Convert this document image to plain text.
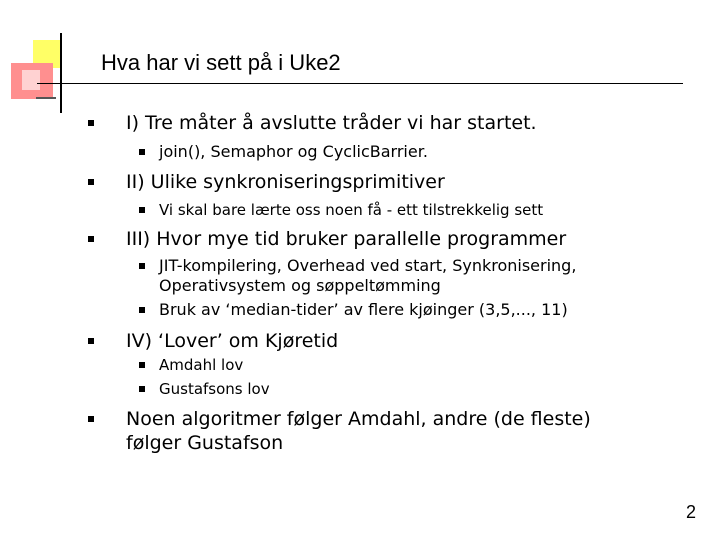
Hva har vi sett på i Uke2
I) Tre måter å avslutte tråder vi har startet.
join(), Semaphor og CyclicBarrier.
II) Ulike synkroniseringsprimitiver
Vi skal bare lærte oss noen få - ett tilstrekkelig sett
III) Hvor mye tid bruker parallelle programmer
JIT-kompilering, Overhead ved start, Synkronisering, Operativsystem og søppeltømming
Bruk av ‘median-tider’ av flere kjøinger (3,5,..., 11)
IV) ‘Lover’ om Kjøretid
Amdahl lov
Gustafsons lov
Noen algoritmer følger Amdahl, andre (de fleste) følger Gustafson
2
